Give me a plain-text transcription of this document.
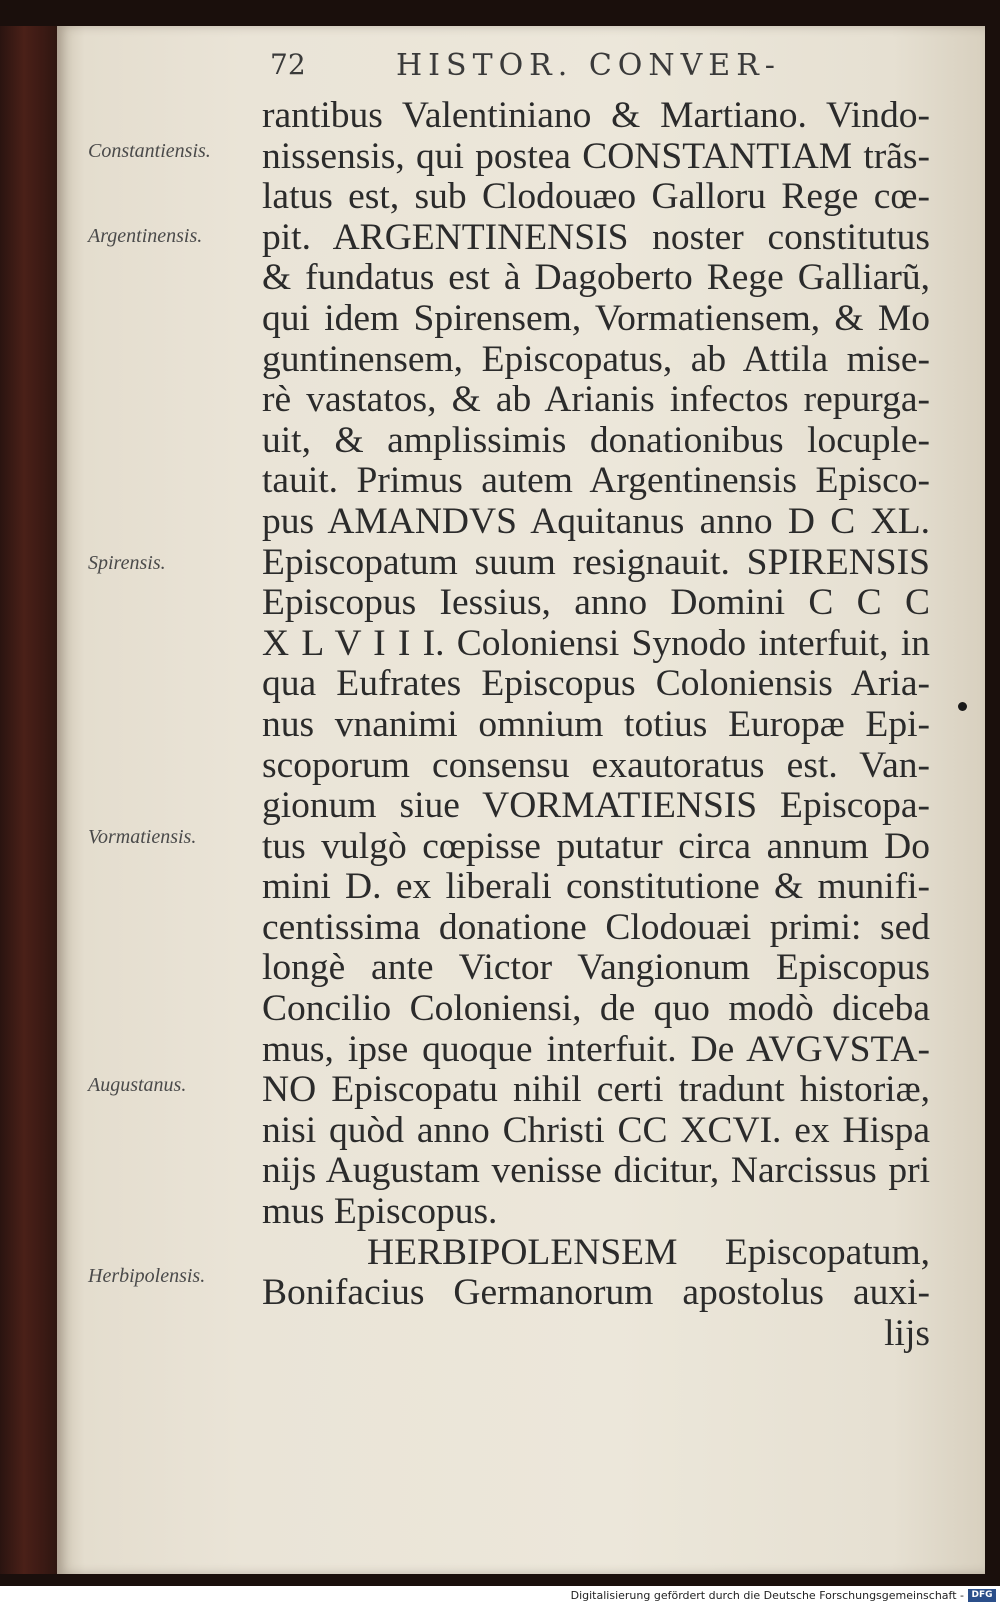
72	HISTOR. CONVER-
Constantiensis.
Argentinensis.
Spirensis.
Vormatiensis.
Augustanus.
Herbipolensis.
rantibus Valentiniano & Martiano. Vindo-
nissensis, qui postea CONSTANTIAM trãs-
latus est, sub Clodouæo Galloru Rege cœ-
pit. ARGENTINENSIS noster constitutus
& fundatus est à Dagoberto Rege Galliarũ,
qui idem Spirensem, Vormatiensem, & Mo
guntinensem, Episcopatus, ab Attila mise-
rè vastatos, & ab Arianis infectos repurga-
uit, & amplissimis donationibus locuple-
tauit. Primus autem Argentinensis Episco-
pus AMANDVS Aquitanus anno D C XL.
Episcopatum suum resignauit. SPIRENSIS
Episcopus Iessius, anno Domini C C C
X L V I I I. Coloniensi Synodo interfuit, in
qua Eufrates Episcopus Coloniensis Aria-
nus vnanimi omnium totius Europæ Epi-
scoporum consensu exautoratus est. Van-
gionum siue VORMATIENSIS Episcopa-
tus vulgò cœpisse putatur circa annum Do
mini D. ex liberali constitutione & munifi-
centissima donatione Clodouæi primi: sed
longè ante Victor Vangionum Episcopus
Concilio Coloniensi, de quo modò diceba
mus, ipse quoque interfuit. De AVGVSTA-
NO Episcopatu nihil certi tradunt historiæ,
nisi quòd anno Christi CC XCVI. ex Hispa
nijs Augustam venisse dicitur, Narcissus pri
mus Episcopus.
HERBIPOLENSEM Episcopatum,
Bonifacius Germanorum apostolus auxi-
lijs
Digitalisierung gefördert durch die Deutsche Forschungsgemeinschaft - DFG
